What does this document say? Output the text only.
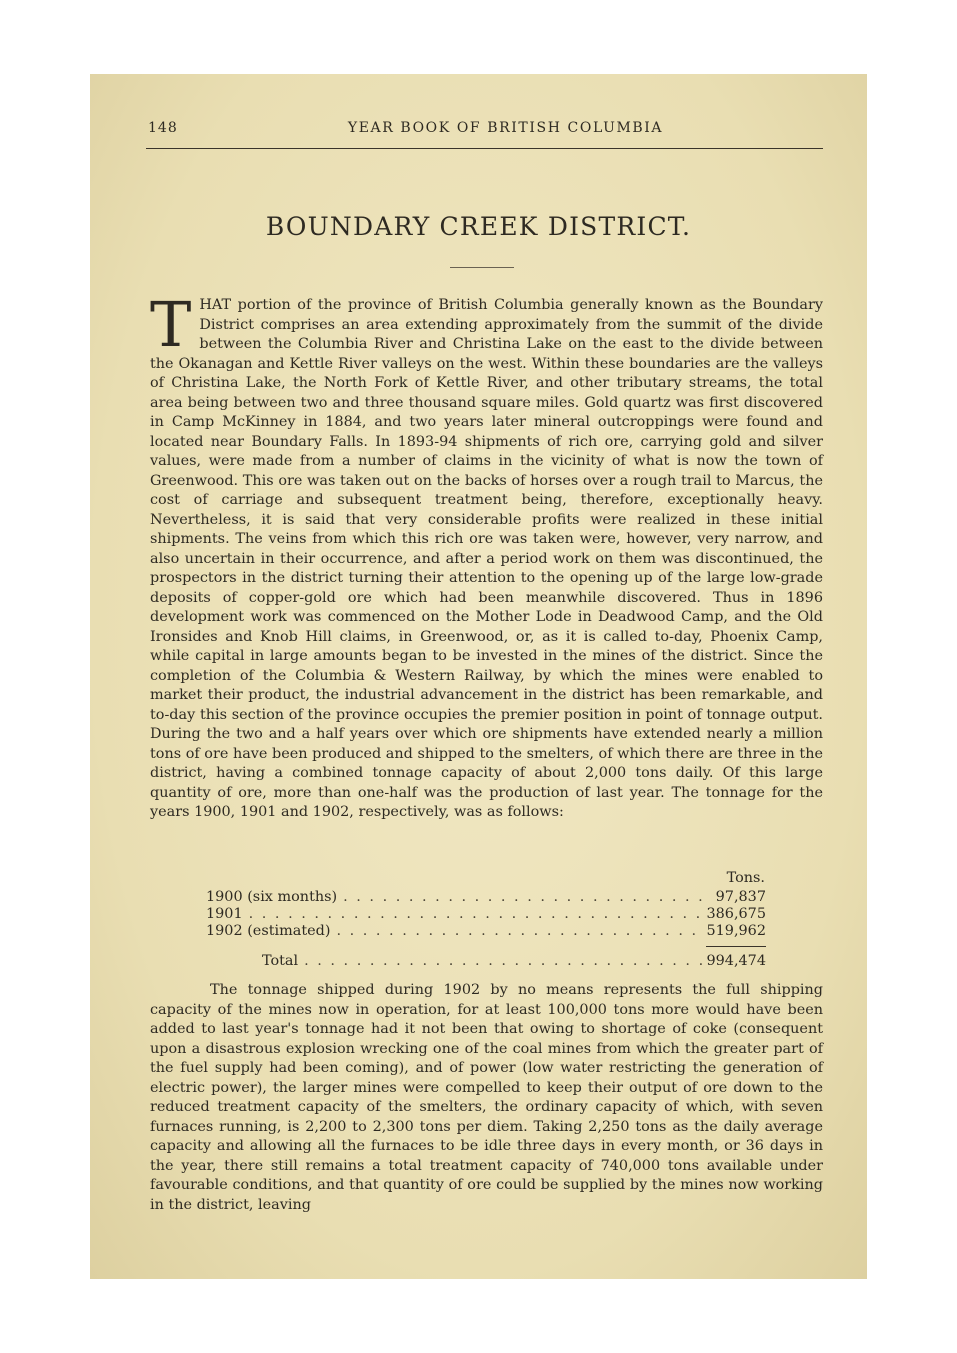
148	YEAR BOOK OF BRITISH COLUMBIA
BOUNDARY CREEK DISTRICT.
THAT portion of the province of British Columbia generally known as the Boundary District comprises an area extending approximately from the summit of the divide between the Columbia River and Christina Lake on the east to the divide between the Okanagan and Kettle River valleys on the west. Within these boundaries are the valleys of Christina Lake, the North Fork of Kettle River, and other tributary streams, the total area being between two and three thousand square miles. Gold quartz was first discovered in Camp McKinney in 1884, and two years later mineral outcroppings were found and located near Boundary Falls. In 1893-94 shipments of rich ore, carrying gold and silver values, were made from a number of claims in the vicinity of what is now the town of Greenwood. This ore was taken out on the backs of horses over a rough trail to Marcus, the cost of carriage and subsequent treatment being, therefore, exceptionally heavy. Nevertheless, it is said that very considerable profits were realized in these initial shipments. The veins from which this rich ore was taken were, however, very narrow, and also uncertain in their occurrence, and after a period work on them was discontinued, the prospectors in the district turning their attention to the opening up of the large low-grade deposits of copper-gold ore which had been meanwhile discovered. Thus in 1896 development work was commenced on the Mother Lode in Deadwood Camp, and the Old Ironsides and Knob Hill claims, in Greenwood, or, as it is called to-day, Phoenix Camp, while capital in large amounts began to be invested in the mines of the district. Since the completion of the Columbia & Western Railway, by which the mines were enabled to market their product, the industrial advancement in the district has been remarkable, and to-day this section of the province occupies the premier position in point of tonnage output. During the two and a half years over which ore shipments have extended nearly a million tons of ore have been produced and shipped to the smelters, of which there are three in the district, having a combined tonnage capacity of about 2,000 tons daily. Of this large quantity of ore, more than one-half was the production of last year. The tonnage for the years 1900, 1901 and 1902, respectively, was as follows:
Tons.
1900 (six months) . . .	97,837
1901 . . .	386,675
1902 (estimated) . . .	519,962
Total . . .	994,474
The tonnage shipped during 1902 by no means represents the full shipping capacity of the mines now in operation, for at least 100,000 tons more would have been added to last year's tonnage had it not been that owing to shortage of coke (consequent upon a disastrous explosion wrecking one of the coal mines from which the greater part of the fuel supply had been coming), and of power (low water restricting the generation of electric power), the larger mines were compelled to keep their output of ore down to the reduced treatment capacity of the smelters, the ordinary capacity of which, with seven furnaces running, is 2,200 to 2,300 tons per diem. Taking 2,250 tons as the daily average capacity and allowing all the furnaces to be idle three days in every month, or 36 days in the year, there still remains a total treatment capacity of 740,000 tons available under favourable conditions, and that quantity of ore could be supplied by the mines now working in the district, leaving
